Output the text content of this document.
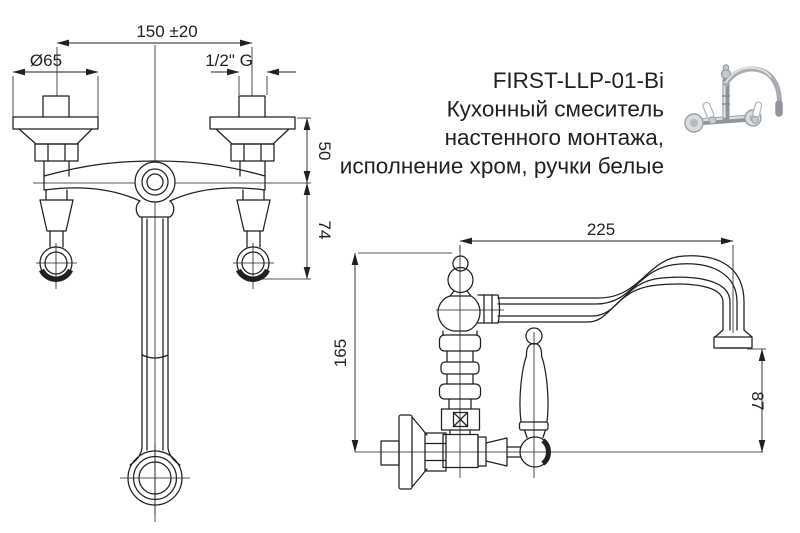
150 ±20
Ø65	1/2" G
50
74	225
165
87
FIRST-LLP-01-Bi
Кухонный смеситель
настенного монтажа,
исполнение хром, ручки белые
